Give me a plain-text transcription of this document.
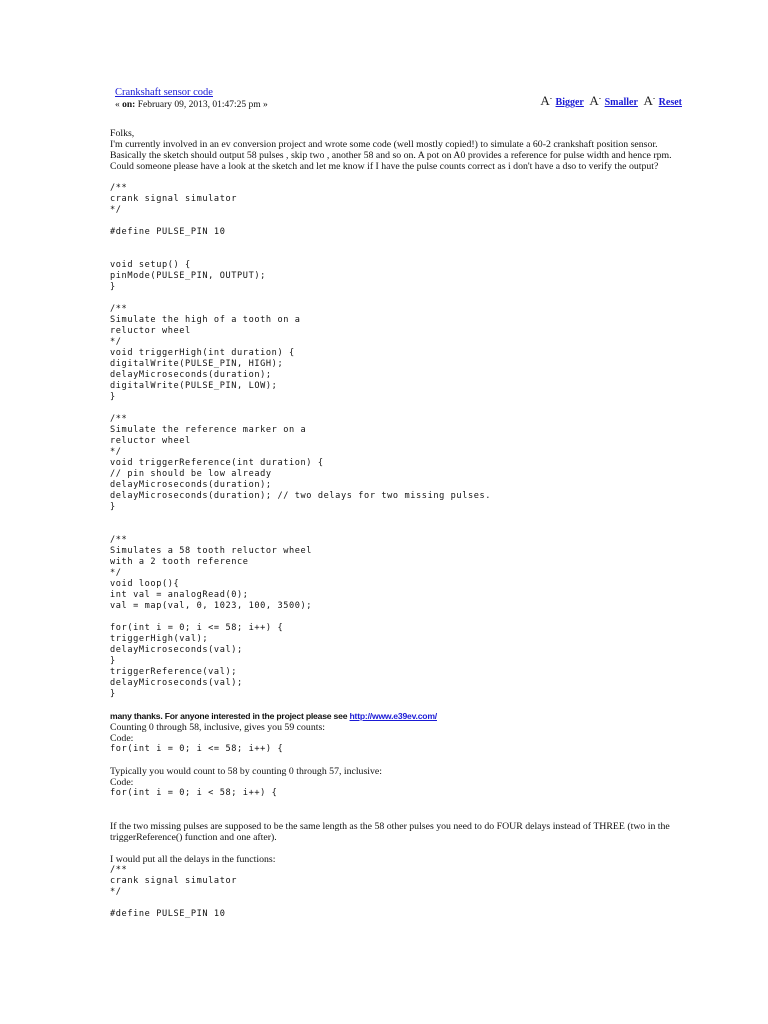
Crankshaft sensor code
« on: February 09, 2013, 01:47:25 pm »	A- Bigger A- Smaller A- Reset

Folks,

I'm currently involved in an ev conversion project and wrote some code (well mostly copied!) to simulate a 60-2 crankshaft position sensor. Basically the sketch should output 58 pulses , skip two , another 58 and so on. A pot on A0 provides a reference for pulse width and hence rpm. Could someone please have a look at the sketch and let me know if I have the pulse counts correct as i don't have a dso to verify the output?

/**
crank signal simulator
*/

#define PULSE_PIN 10

void setup() {
pinMode(PULSE_PIN, OUTPUT);
}

/**
Simulate the high of a tooth on a
reluctor wheel
*/
void triggerHigh(int duration) {
digitalWrite(PULSE_PIN, HIGH);
delayMicroseconds(duration);
digitalWrite(PULSE_PIN, LOW);
}

/**
Simulate the reference marker on a
reluctor wheel
*/
void triggerReference(int duration) {
// pin should be low already
delayMicroseconds(duration);
delayMicroseconds(duration); // two delays for two missing pulses.
}

/**
Simulates a 58 tooth reluctor wheel
with a 2 tooth reference
*/
void loop(){
int val = analogRead(0);
val = map(val, 0, 1023, 100, 3500);

for(int i = 0; i <= 58; i++) {
triggerHigh(val);
delayMicroseconds(val);
}
triggerReference(val);
delayMicroseconds(val);
}

many thanks. For anyone interested in the project please see http://www.e39ev.com/

Counting 0 through 58, inclusive, gives you 59 counts:

Code:

for(int i = 0; i <= 58; i++) {

Typically you would count to 58 by counting 0 through 57, inclusive:

Code:

for(int i = 0; i < 58; i++) {

If the two missing pulses are supposed to be the same length as the 58 other pulses you need to do FOUR delays instead of THREE (two in the triggerReference() function and one after).

I would put all the delays in the functions:

/**
crank signal simulator
*/

#define PULSE_PIN 10
